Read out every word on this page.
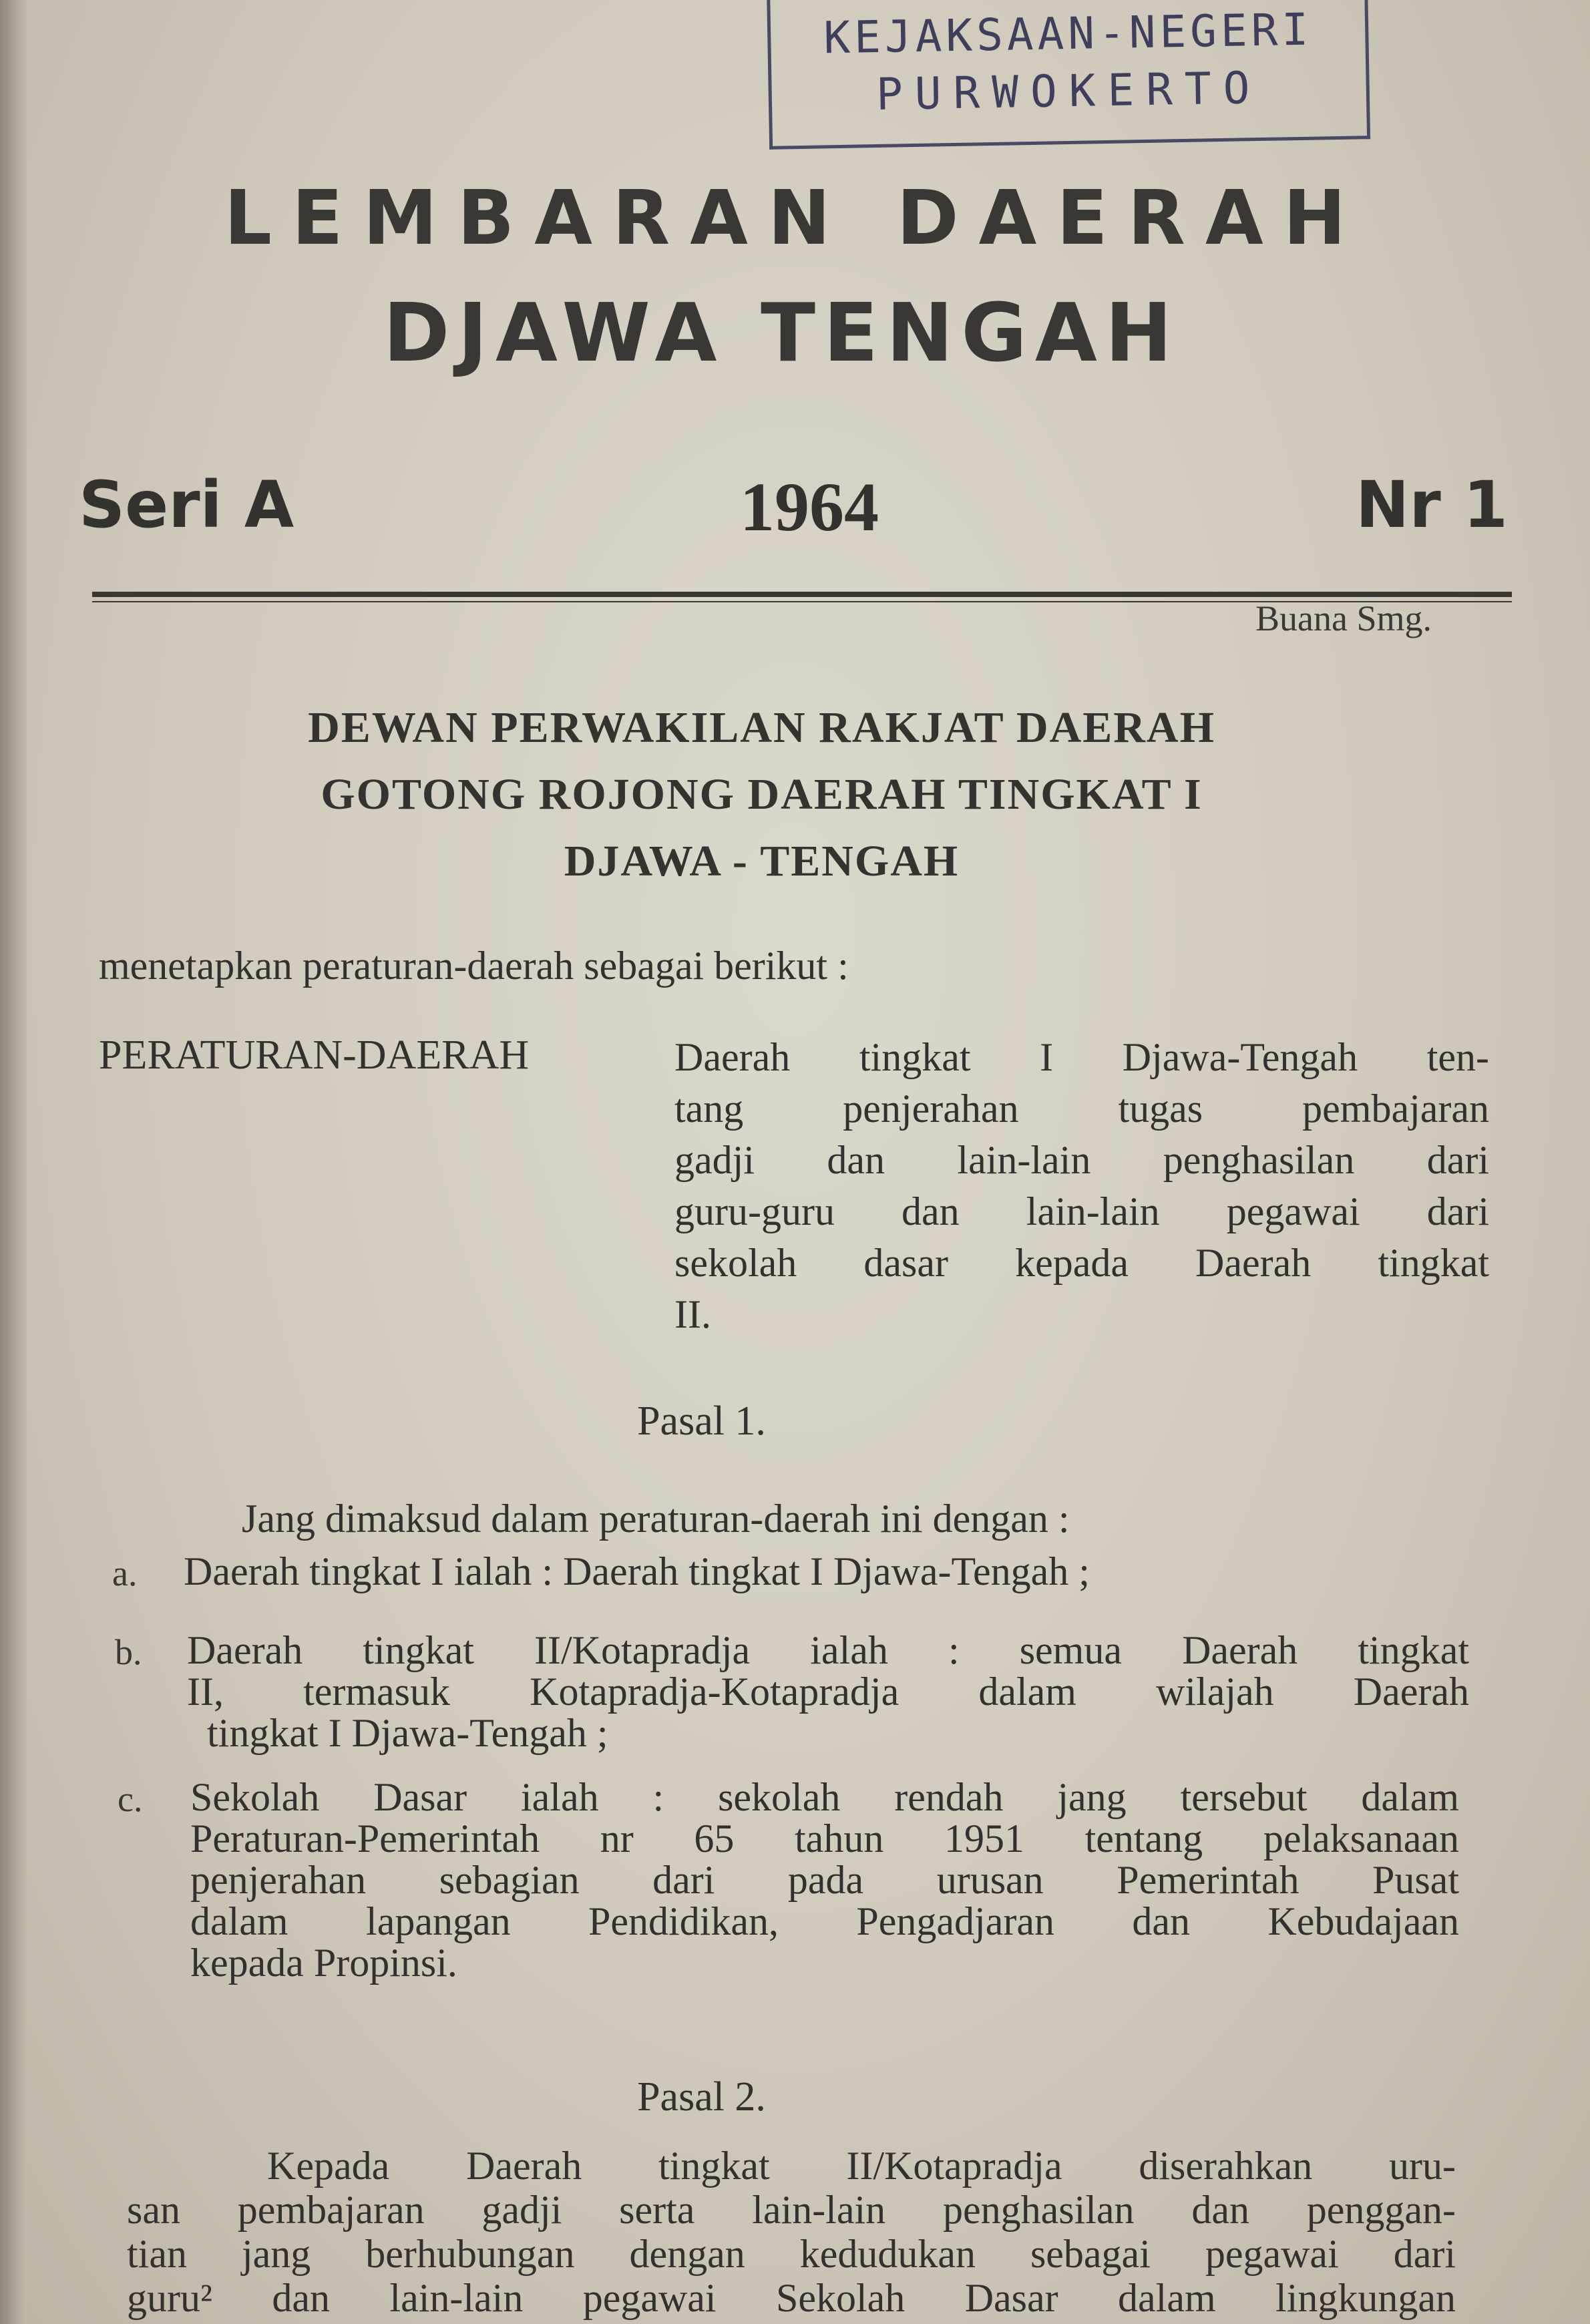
KEJAKSAAN-NEGERI
PURWOKERTO
LEMBARAN DAERAH
DJAWA TENGAH
Seri A	1964	Nr 1
Buana Smg.
DEWAN PERWAKILAN RAKJAT DAERAH
GOTONG ROJONG DAERAH TINGKAT I
DJAWA - TENGAH
menetapkan peraturan-daerah sebagai berikut :
PERATURAN-DAERAH	Daerah tingkat I Djawa-Tengah ten-
tang penjerahan tugas pembajaran
gadji dan lain-lain penghasilan dari
guru-guru dan lain-lain pegawai dari
sekolah dasar kepada Daerah tingkat
II.
Pasal 1.
Jang dimaksud dalam peraturan-daerah ini dengan :
a. Daerah tingkat I ialah : Daerah tingkat I Djawa-Tengah ;
b. Daerah tingkat II/Kotapradja ialah : semua Daerah tingkat
II, termasuk Kotapradja-Kotapradja dalam wilajah Daerah
tingkat I Djawa-Tengah ;
c. Sekolah Dasar ialah : sekolah rendah jang tersebut dalam
Peraturan-Pemerintah nr 65 tahun 1951 tentang pelaksanaan
penjerahan sebagian dari pada urusan Pemerintah Pusat
dalam lapangan Pendidikan, Pengadjaran dan Kebudajaan
kepada Propinsi.
Pasal 2.
Kepada Daerah tingkat II/Kotapradja diserahkan uru-
san pembajaran gadji serta lain-lain penghasilan dan penggan-
tian jang berhubungan dengan kedudukan sebagai pegawai dari
guru² dan lain-lain pegawai Sekolah Dasar dalam lingkungan
